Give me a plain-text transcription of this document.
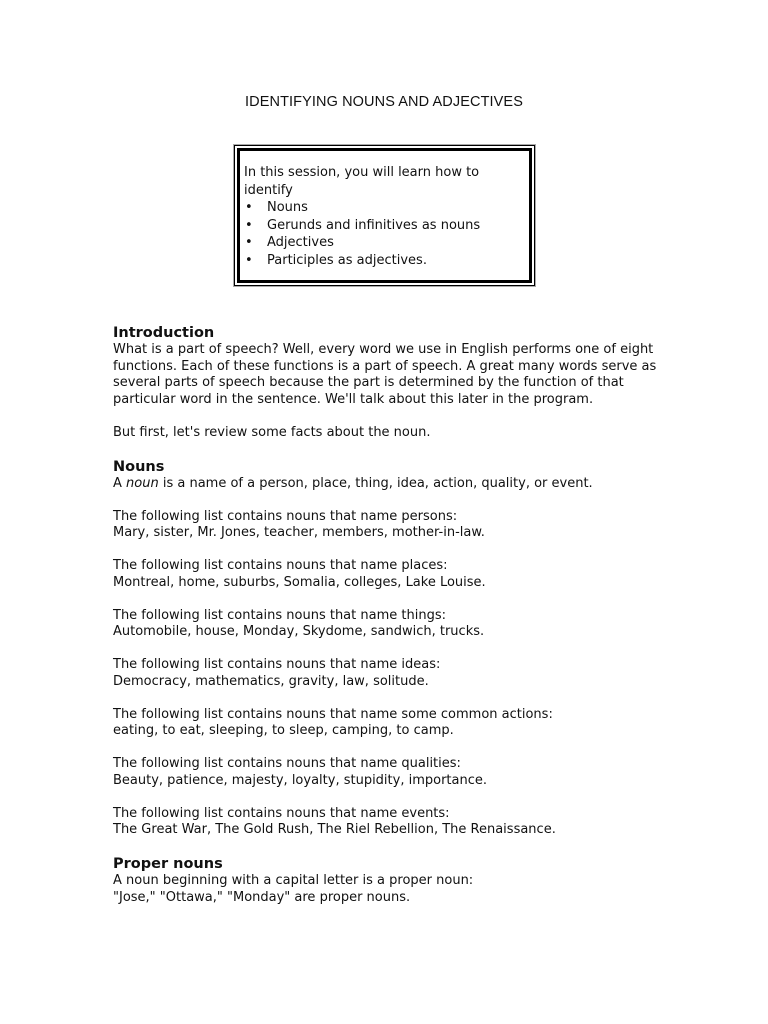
IDENTIFYING NOUNS AND ADJECTIVES

In this session, you will learn how to identify

• Nouns
• Gerunds and infinitives as nouns
• Adjectives
• Participles as adjectives.
Introduction

What is a part of speech? Well, every word we use in English performs one of eight functions. Each of these functions is a part of speech. A great many words serve as several parts of speech because the part is determined by the function of that particular word in the sentence. We'll talk about this later in the program.

But first, let's review some facts about the noun.

Nouns

A noun is a name of a person, place, thing, idea, action, quality, or event.

The following list contains nouns that name persons:

Mary, sister, Mr. Jones, teacher, members, mother-in-law.

The following list contains nouns that name places:

Montreal, home, suburbs, Somalia, colleges, Lake Louise.

The following list contains nouns that name things:

Automobile, house, Monday, Skydome, sandwich, trucks.

The following list contains nouns that name ideas:

Democracy, mathematics, gravity, law, solitude.

The following list contains nouns that name some common actions:

eating, to eat, sleeping, to sleep, camping, to camp.

The following list contains nouns that name qualities:

Beauty, patience, majesty, loyalty, stupidity, importance.

The following list contains nouns that name events:

The Great War, The Gold Rush, The Riel Rebellion, The Renaissance.

Proper nouns

A noun beginning with a capital letter is a proper noun:

"Jose," "Ottawa," "Monday" are proper nouns.
